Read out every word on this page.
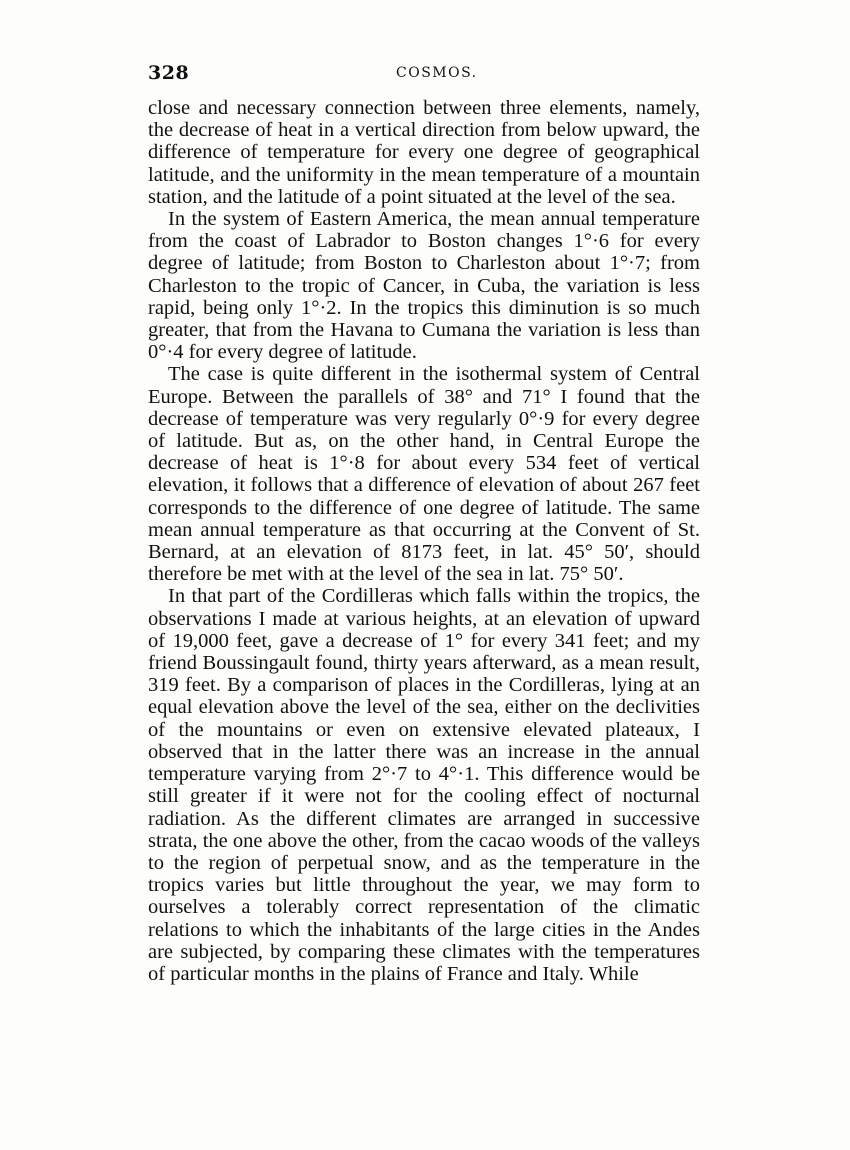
328	COSMOS.

close and necessary connection between three elements, namely, the decrease of heat in a vertical direction from below upward, the difference of temperature for every one degree of geographical latitude, and the uniformity in the mean temperature of a mountain station, and the latitude of a point situated at the level of the sea.

In the system of Eastern America, the mean annual temperature from the coast of Labrador to Boston changes 1°·6 for every degree of latitude; from Boston to Charleston about 1°·7; from Charleston to the tropic of Cancer, in Cuba, the variation is less rapid, being only 1°·2. In the tropics this diminution is so much greater, that from the Havana to Cumana the variation is less than 0°·4 for every degree of latitude.

The case is quite different in the isothermal system of Central Europe. Between the parallels of 38° and 71° I found that the decrease of temperature was very regularly 0°·9 for every degree of latitude. But as, on the other hand, in Central Europe the decrease of heat is 1°·8 for about every 534 feet of vertical elevation, it follows that a difference of elevation of about 267 feet corresponds to the difference of one degree of latitude. The same mean annual temperature as that occurring at the Convent of St. Bernard, at an elevation of 8173 feet, in lat. 45° 50′, should therefore be met with at the level of the sea in lat. 75° 50′.

In that part of the Cordilleras which falls within the tropics, the observations I made at various heights, at an elevation of upward of 19,000 feet, gave a decrease of 1° for every 341 feet; and my friend Boussingault found, thirty years afterward, as a mean result, 319 feet. By a comparison of places in the Cordilleras, lying at an equal elevation above the level of the sea, either on the declivities of the mountains or even on extensive elevated plateaux, I observed that in the latter there was an increase in the annual temperature varying from 2°·7 to 4°·1. This difference would be still greater if it were not for the cooling effect of nocturnal radiation. As the different climates are arranged in successive strata, the one above the other, from the cacao woods of the valleys to the region of perpetual snow, and as the temperature in the tropics varies but little throughout the year, we may form to ourselves a tolerably correct representation of the climatic relations to which the inhabitants of the large cities in the Andes are subjected, by comparing these climates with the temperatures of particular months in the plains of France and Italy. While
